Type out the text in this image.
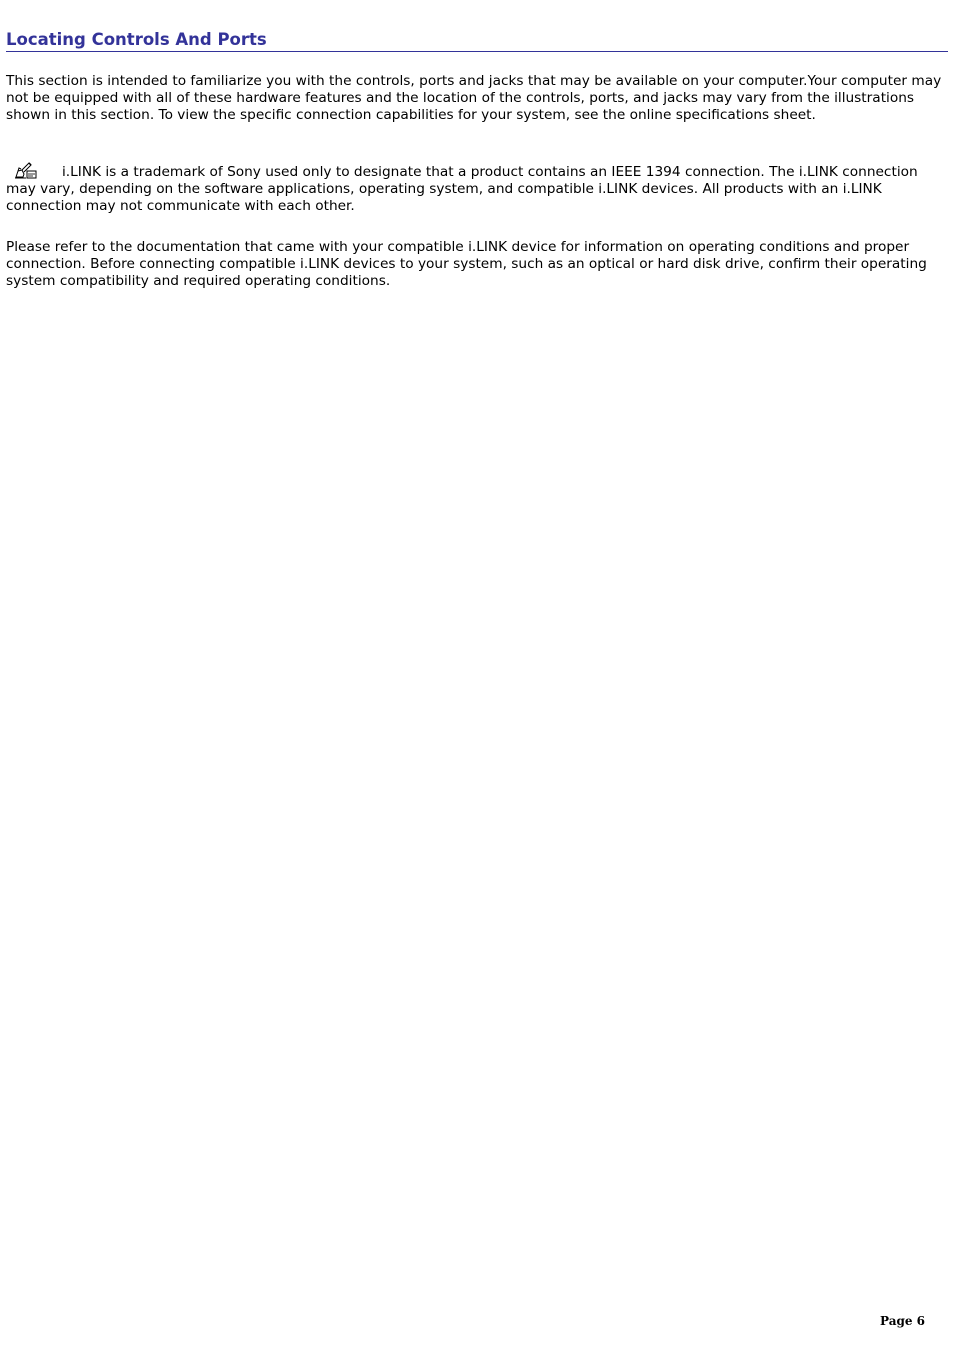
Locating Controls And Ports

This section is intended to familiarize you with the controls, ports and jacks that may be available on your computer.Your computer may not be equipped with all of these hardware features and the location of the controls, ports, and jacks may vary from the illustrations shown in this section. To view the specific connection capabilities for your system, see the online specifications sheet.

i.LINK is a trademark of Sony used only to designate that a product contains an IEEE 1394 connection. The i.LINK connection may vary, depending on the software applications, operating system, and compatible i.LINK devices. All products with an i.LINK connection may not communicate with each other.

Please refer to the documentation that came with your compatible i.LINK device for information on operating conditions and proper connection. Before connecting compatible i.LINK devices to your system, such as an optical or hard disk drive, confirm their operating system compatibility and required operating conditions.

Page 6
